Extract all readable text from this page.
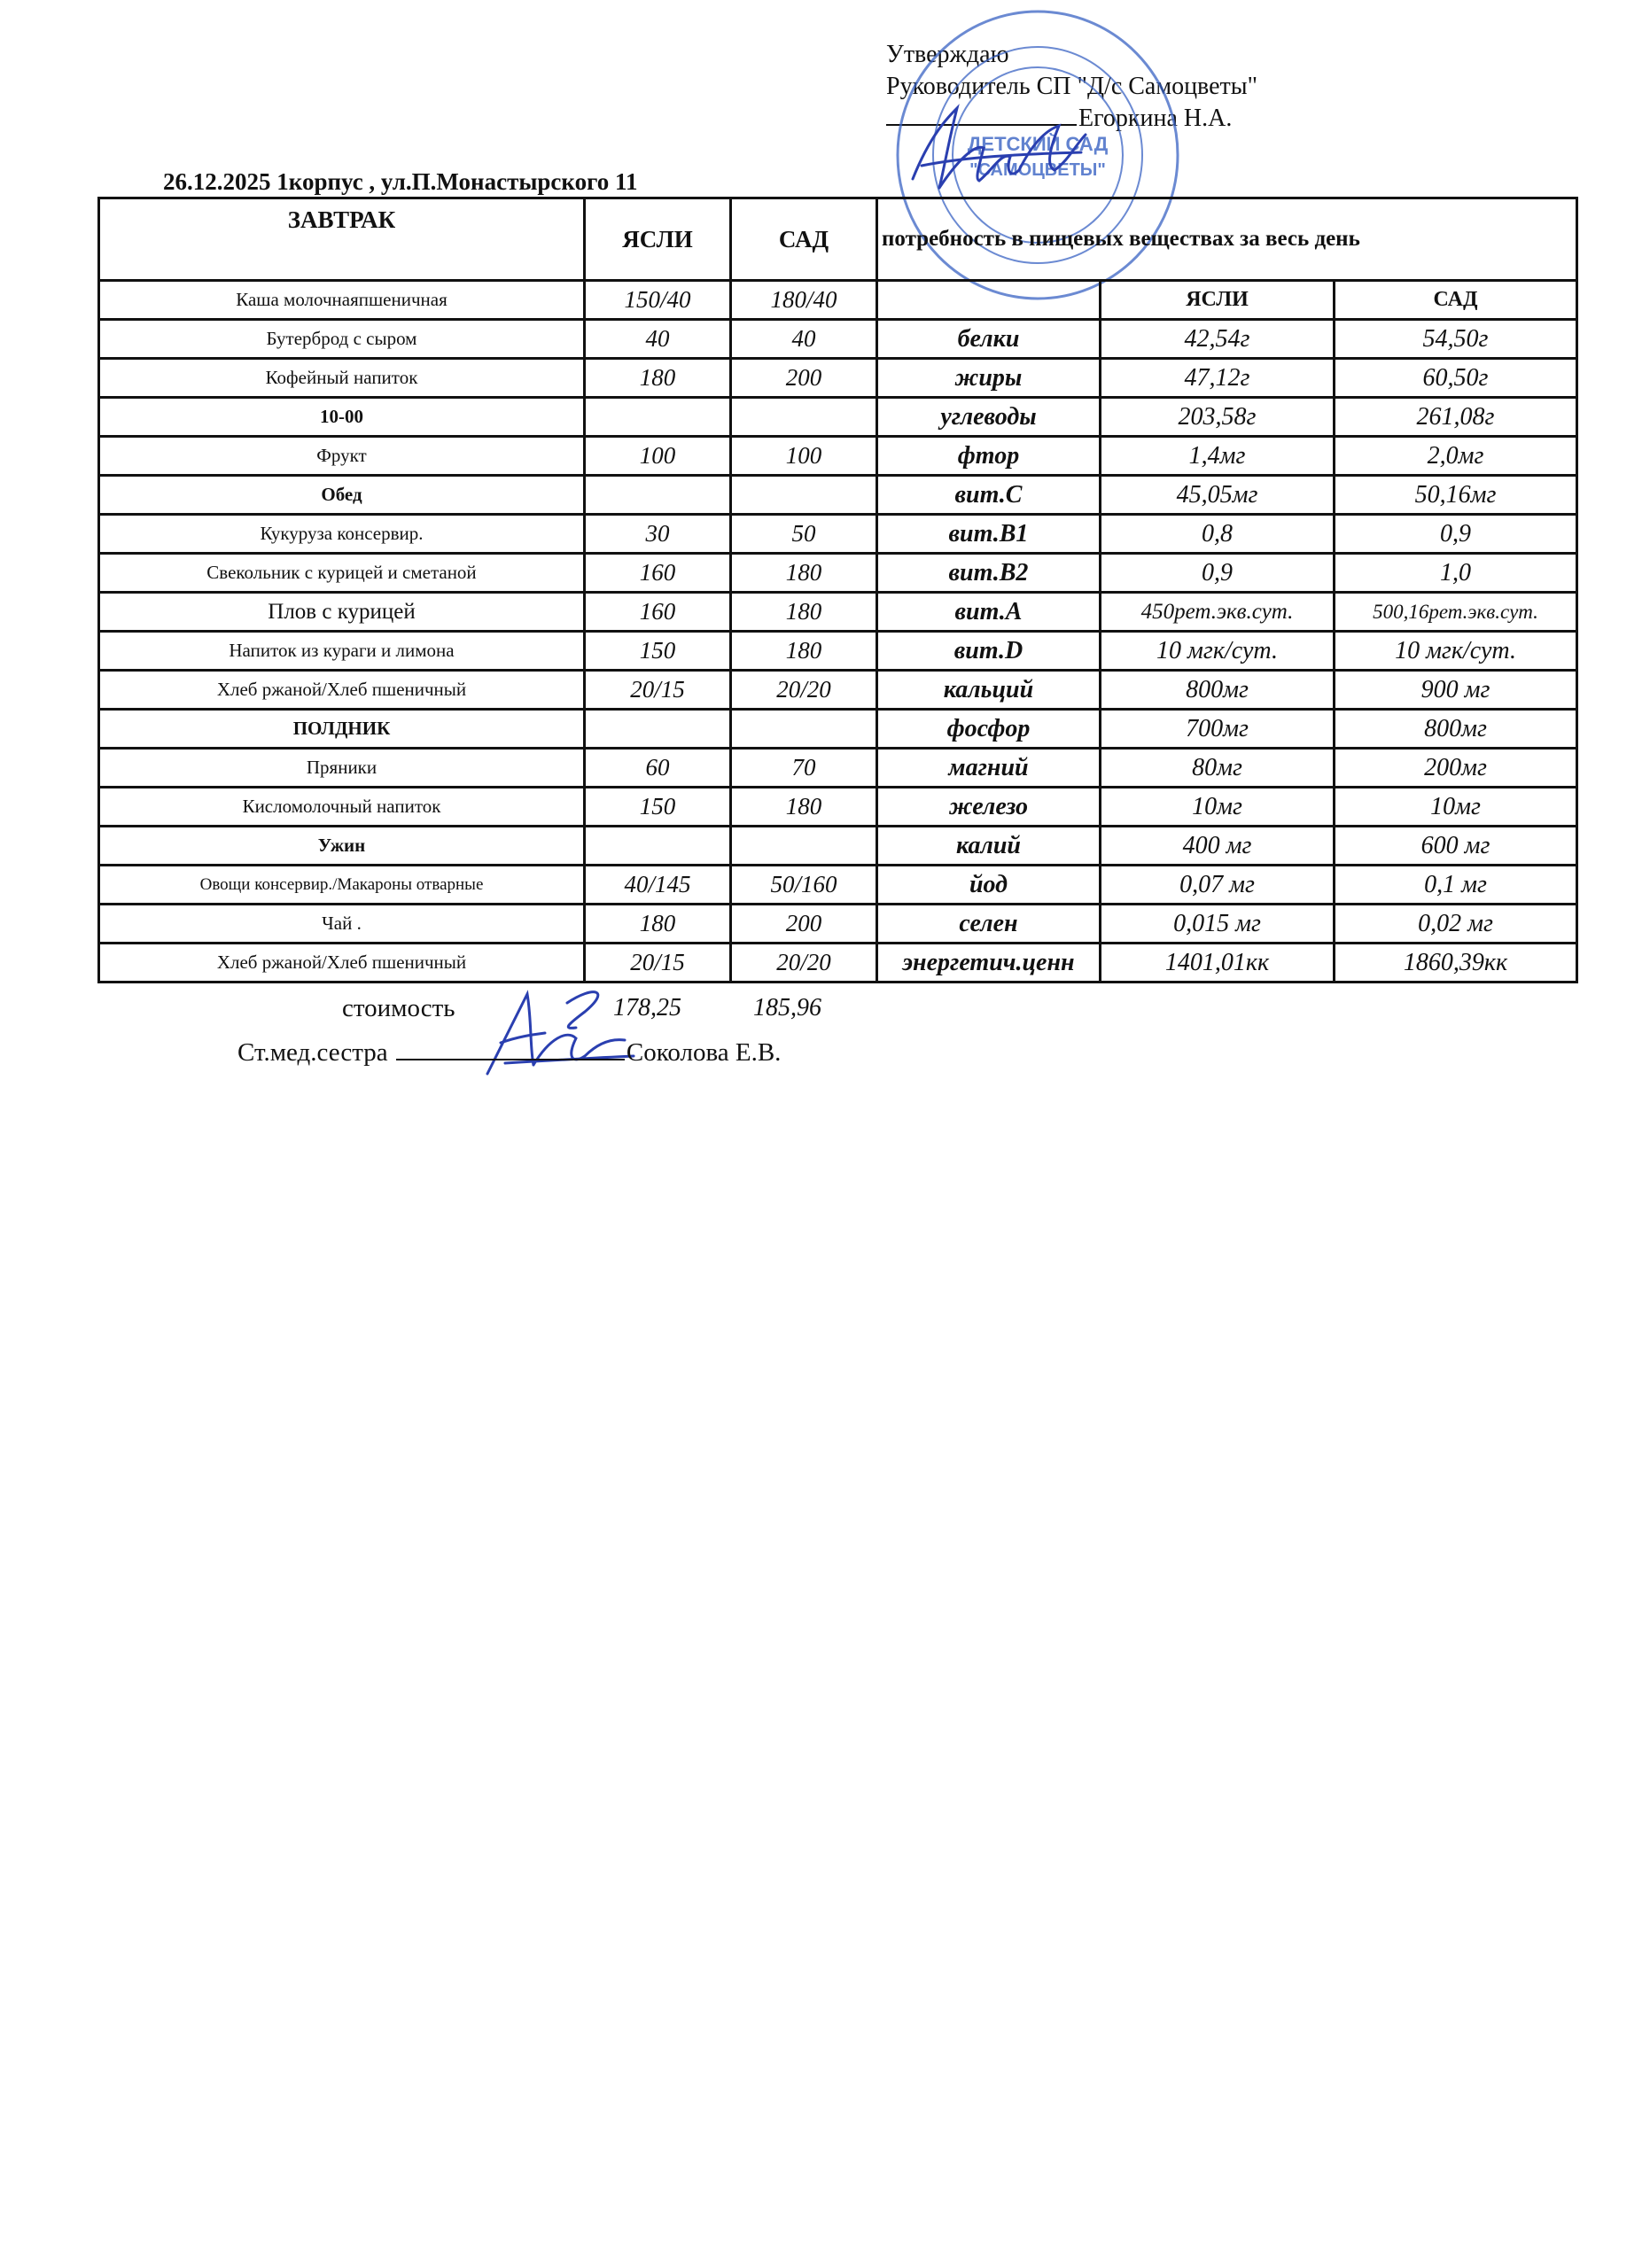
Утверждаю
Руководитель СП "Д/с Самоцветы"
Егоркина Н.А.
ДЕТСКИЙ САД
"САМОЦВЕТЫ"
26.12.2025 1корпус , ул.П.Монастырского 11
ЗАВТРАК	ЯСЛИ	САД	потребность в пищевых веществах за весь день		
Каша молочнаяпшеничная	150/40	180/40		ЯСЛИ	САД
Бутерброд с сыром	40	40	белки	42,54г	54,50г
Кофейный напиток	180	200	жиры	47,12г	60,50г
10-00			углеводы	203,58г	261,08г
Фрукт	100	100	фтор	1,4мг	2,0мг
Обед			вит.С	45,05мг	50,16мг
Кукуруза консервир.	30	50	вит.В1	0,8	0,9
Свекольник с курицей и сметаной	160	180	вит.В2	0,9	1,0
Плов с курицей	160	180	вит.А	450рет.экв.сут.	500,16рет.экв.сут.
Напиток из кураги и лимона	150	180	вит.D	10 мгк/сут.	10 мгк/сут.
Хлеб ржаной/Хлеб пшеничный	20/15	20/20	кальций	800мг	900 мг
ПОЛДНИК			фосфор	700мг	800мг
Пряники	60	70	магний	80мг	200мг
Кисломолочный напиток	150	180	железо	10мг	10мг
Ужин			калий	400 мг	600 мг
Овощи консервир./Макароны отварные	40/145	50/160	йод	0,07 мг	0,1 мг
Чай .	180	200	селен	0,015 мг	0,02 мг
Хлеб ржаной/Хлеб пшеничный	20/15	20/20	энергетич.ценн	1401,01кк	1860,39кк
стоимость	178,25	185,96
Ст.мед.сестра	Соколова Е.В.
